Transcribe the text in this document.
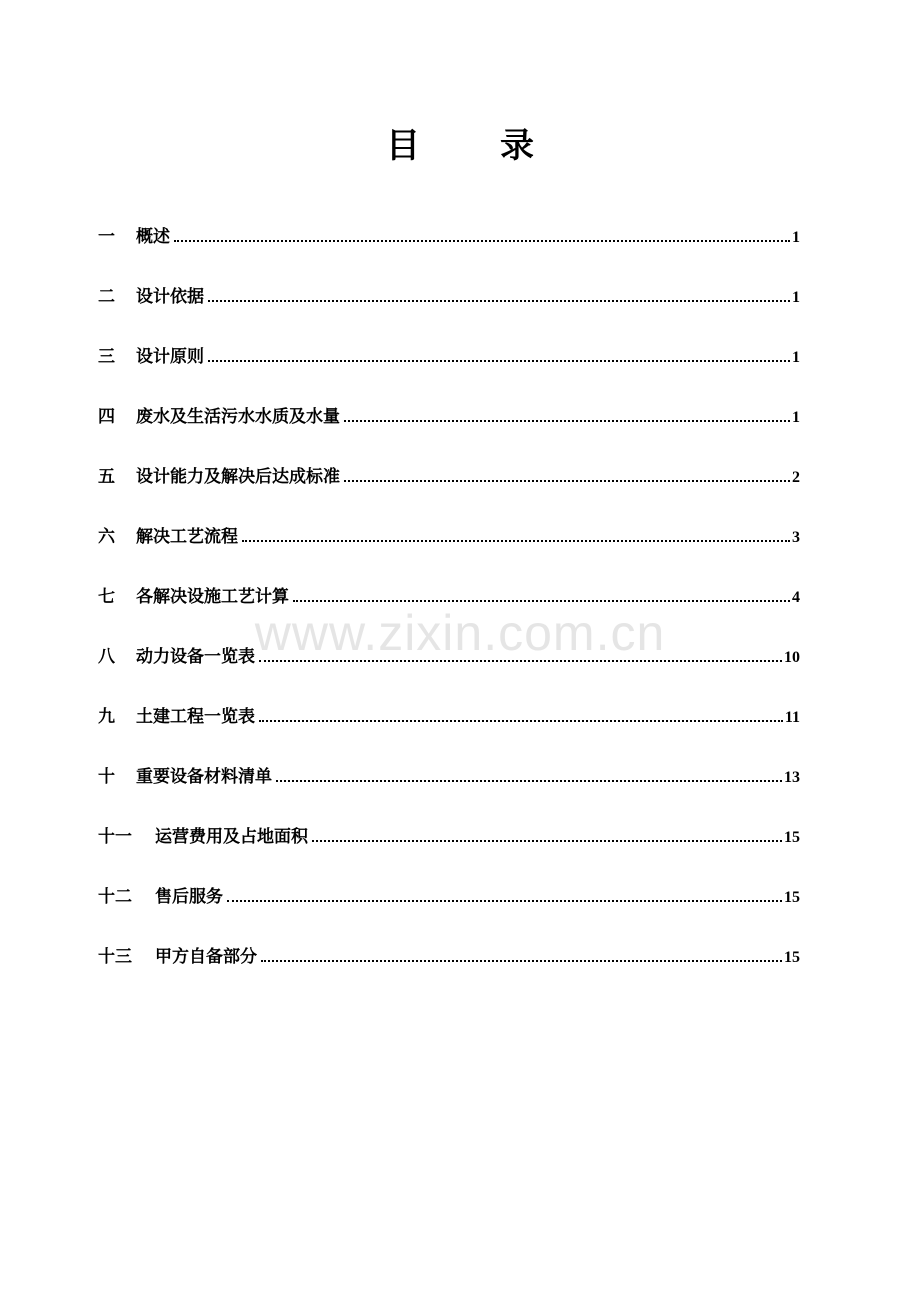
目 录
www.zixin.com.cn
一	概述	1
二	设计依据	1
三	设计原则	1
四	废水及生活污水水质及水量	1
五	设计能力及解决后达成标准	2
六	解决工艺流程	3
七	各解决设施工艺计算	4
八	动力设备一览表	10
九	土建工程一览表	11
十	重要设备材料清单	13
十一	运营费用及占地面积	15
十二	售后服务	15
十三	甲方自备部分	15
